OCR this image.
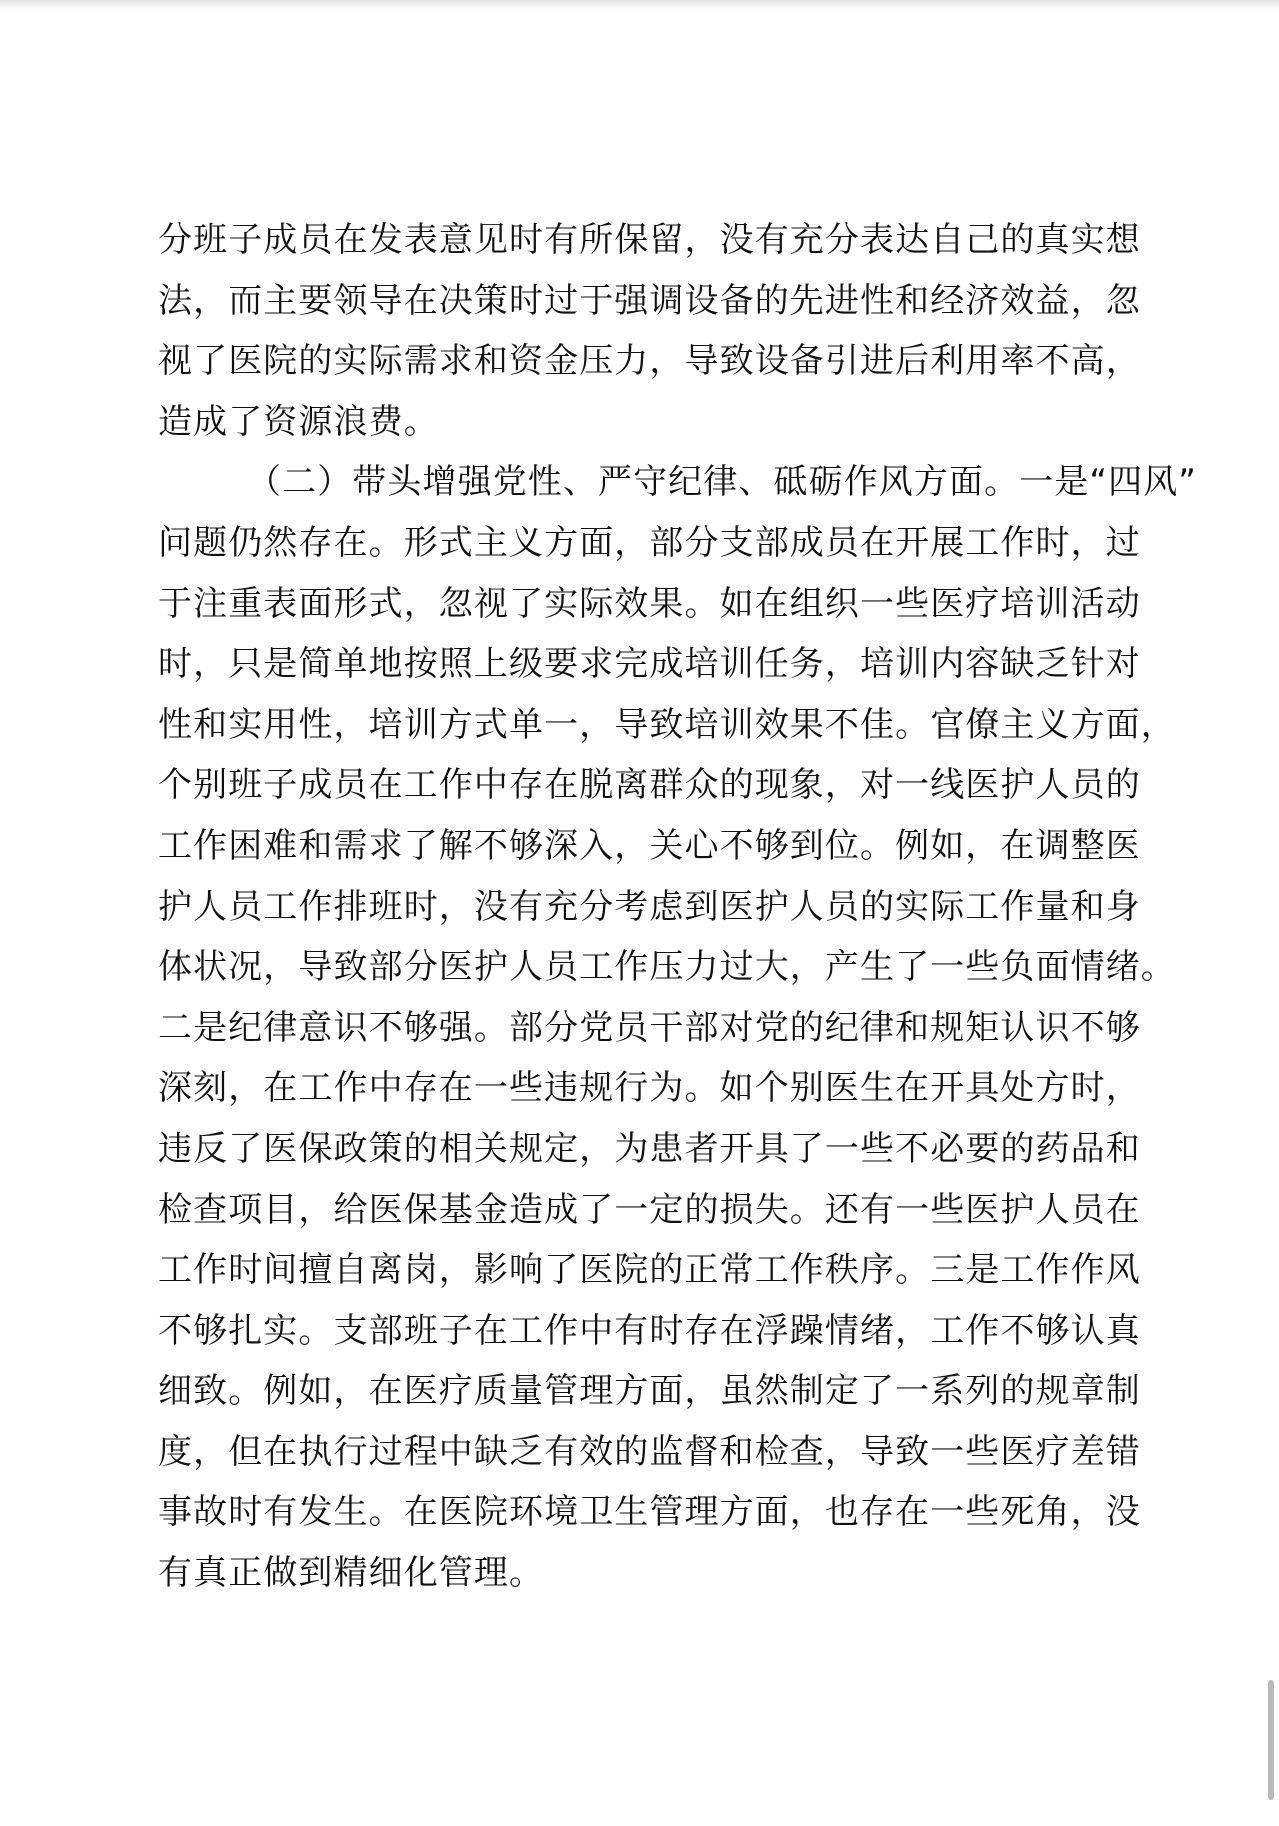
分班子成员在发表意见时有所保留，没有充分表达自己的真实想
法，而主要领导在决策时过于强调设备的先进性和经济效益，忽
视了医院的实际需求和资金压力，导致设备引进后利用率不高，
造成了资源浪费。
（二）带头增强党性、严守纪律、砥砺作风方面。一是“四风”
问题仍然存在。形式主义方面，部分支部成员在开展工作时，过
于注重表面形式，忽视了实际效果。如在组织一些医疗培训活动
时，只是简单地按照上级要求完成培训任务，培训内容缺乏针对
性和实用性，培训方式单一，导致培训效果不佳。官僚主义方面，
个别班子成员在工作中存在脱离群众的现象，对一线医护人员的
工作困难和需求了解不够深入，关心不够到位。例如，在调整医
护人员工作排班时，没有充分考虑到医护人员的实际工作量和身
体状况，导致部分医护人员工作压力过大，产生了一些负面情绪。
二是纪律意识不够强。部分党员干部对党的纪律和规矩认识不够
深刻，在工作中存在一些违规行为。如个别医生在开具处方时，
违反了医保政策的相关规定，为患者开具了一些不必要的药品和
检查项目，给医保基金造成了一定的损失。还有一些医护人员在
工作时间擅自离岗，影响了医院的正常工作秩序。三是工作作风
不够扎实。支部班子在工作中有时存在浮躁情绪，工作不够认真
细致。例如，在医疗质量管理方面，虽然制定了一系列的规章制
度，但在执行过程中缺乏有效的监督和检查，导致一些医疗差错
事故时有发生。在医院环境卫生管理方面，也存在一些死角，没
有真正做到精细化管理。
